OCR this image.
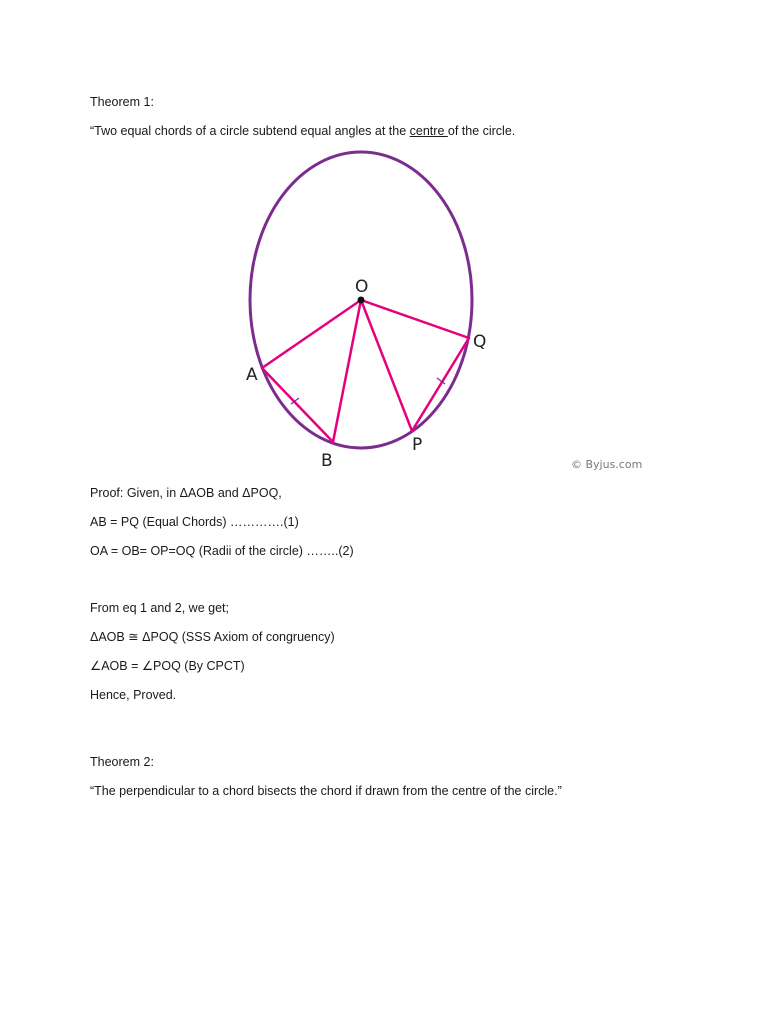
Theorem 1:
“Two equal chords of a circle subtend equal angles at the centre of the circle.
O
A
B
P
Q
© Byjus.com
Proof: Given, in ΔAOB and ΔPOQ,
AB = PQ (Equal Chords) ………….(1)
OA = OB= OP=OQ (Radii of the circle) ……..(2)
From eq 1 and 2, we get;
ΔAOB ≅ ΔPOQ (SSS Axiom of congruency)
∠AOB = ∠POQ (By CPCT)
Hence, Proved.
Theorem 2:
“The perpendicular to a chord bisects the chord if drawn from the centre of the circle.”
